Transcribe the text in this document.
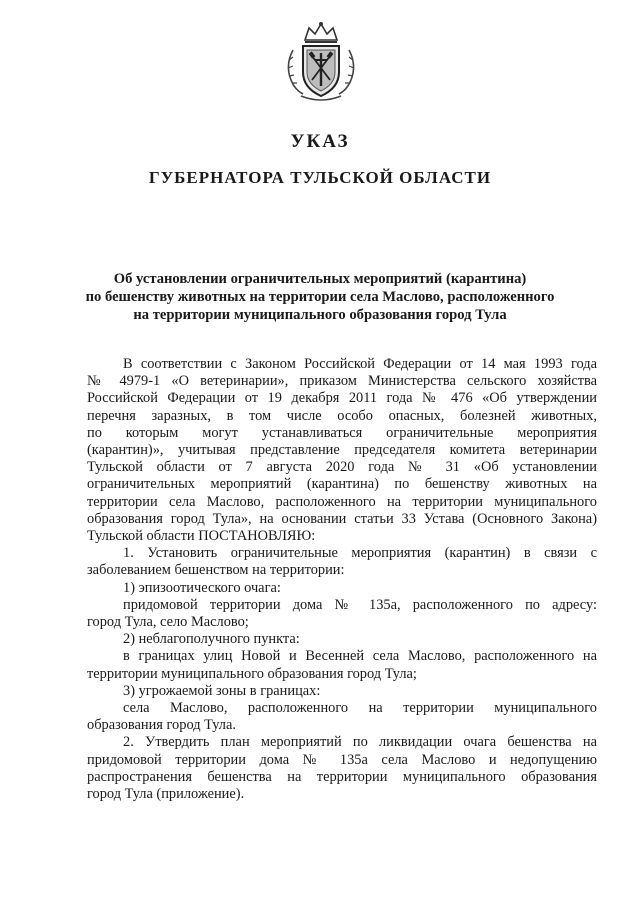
УКАЗ
ГУБЕРНАТОРА ТУЛЬСКОЙ ОБЛАСТИ
Об установлении ограничительных мероприятий (карантина)
по бешенству животных на территории села Маслово, расположенного
на территории муниципального образования город Тула
В соответствии с Законом Российской Федерации от 14 мая 1993 года
№ 4979-1 «О ветеринарии», приказом Министерства сельского хозяйства
Российской Федерации от 19 декабря 2011 года № 476 «Об утверждении
перечня заразных, в том числе особо опасных, болезней животных,
по которым могут устанавливаться ограничительные мероприятия
(карантин)», учитывая представление председателя комитета ветеринарии
Тульской области от 7 августа 2020 года № 31 «Об установлении
ограничительных мероприятий (карантина) по бешенству животных на
территории села Маслово, расположенного на территории муниципального
образования город Тула», на основании статьи 33 Устава (Основного Закона)
Тульской области ПОСТАНОВЛЯЮ:
1. Установить ограничительные мероприятия (карантин) в связи с
заболеванием бешенством на территории:
1) эпизоотического очага:
придомовой территории дома № 135а, расположенного по адресу:
город Тула, село Маслово;
2) неблагополучного пункта:
в границах улиц Новой и Весенней села Маслово, расположенного на
территории муниципального образования город Тула;
3) угрожаемой зоны в границах:
села Маслово, расположенного на территории муниципального
образования город Тула.
2. Утвердить план мероприятий по ликвидации очага бешенства на
придомовой территории дома № 135а села Маслово и недопущению
распространения бешенства на территории муниципального образования
город Тула (приложение).
